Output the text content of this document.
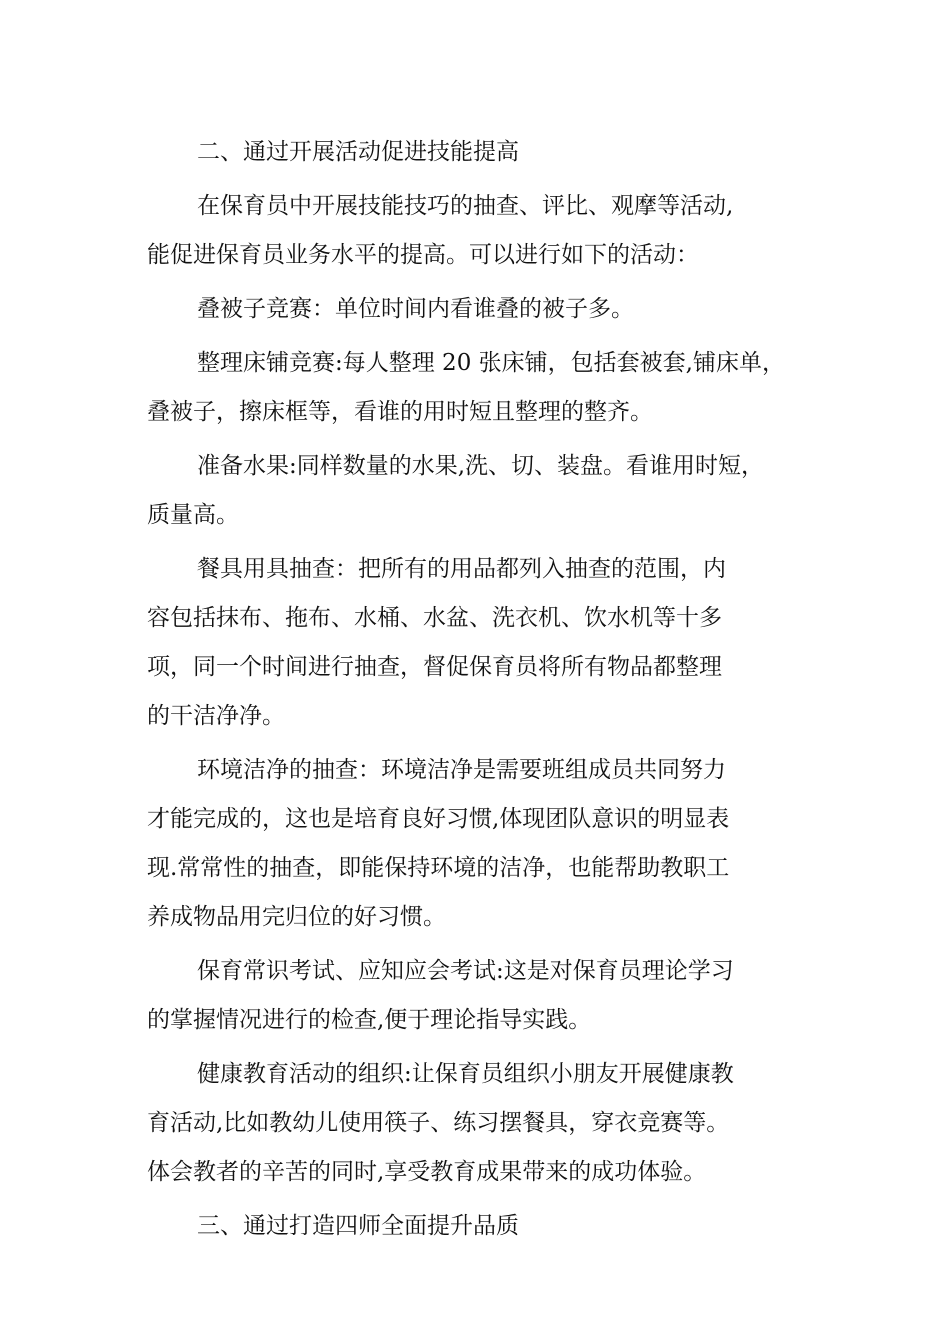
二、通过开展活动促进技能提高
在保育员中开展技能技巧的抽查、评比、观摩等活动,
能促进保育员业务水平的提高。可以进行如下的活动：
叠被子竞赛：单位时间内看谁叠的被子多。
整理床铺竞赛:每人整理 20 张床铺，包括套被套,铺床单，
叠被子，擦床框等，看谁的用时短且整理的整齐。
准备水果:同样数量的水果,洗、切、装盘。看谁用时短，
质量高。
餐具用具抽查：把所有的用品都列入抽查的范围，内
容包括抹布、拖布、水桶、水盆、洗衣机、饮水机等十多
项，同一个时间进行抽查，督促保育员将所有物品都整理
的干洁净净。
环境洁净的抽查：环境洁净是需要班组成员共同努力
才能完成的，这也是培育良好习惯,体现团队意识的明显表
现.常常性的抽查，即能保持环境的洁净，也能帮助教职工
养成物品用完归位的好习惯。
保育常识考试、应知应会考试:这是对保育员理论学习
的掌握情况进行的检查,便于理论指导实践。
健康教育活动的组织:让保育员组织小朋友开展健康教
育活动,比如教幼儿使用筷子、练习摆餐具，穿衣竞赛等。
体会教者的辛苦的同时,享受教育成果带来的成功体验。
三、通过打造四师全面提升品质
